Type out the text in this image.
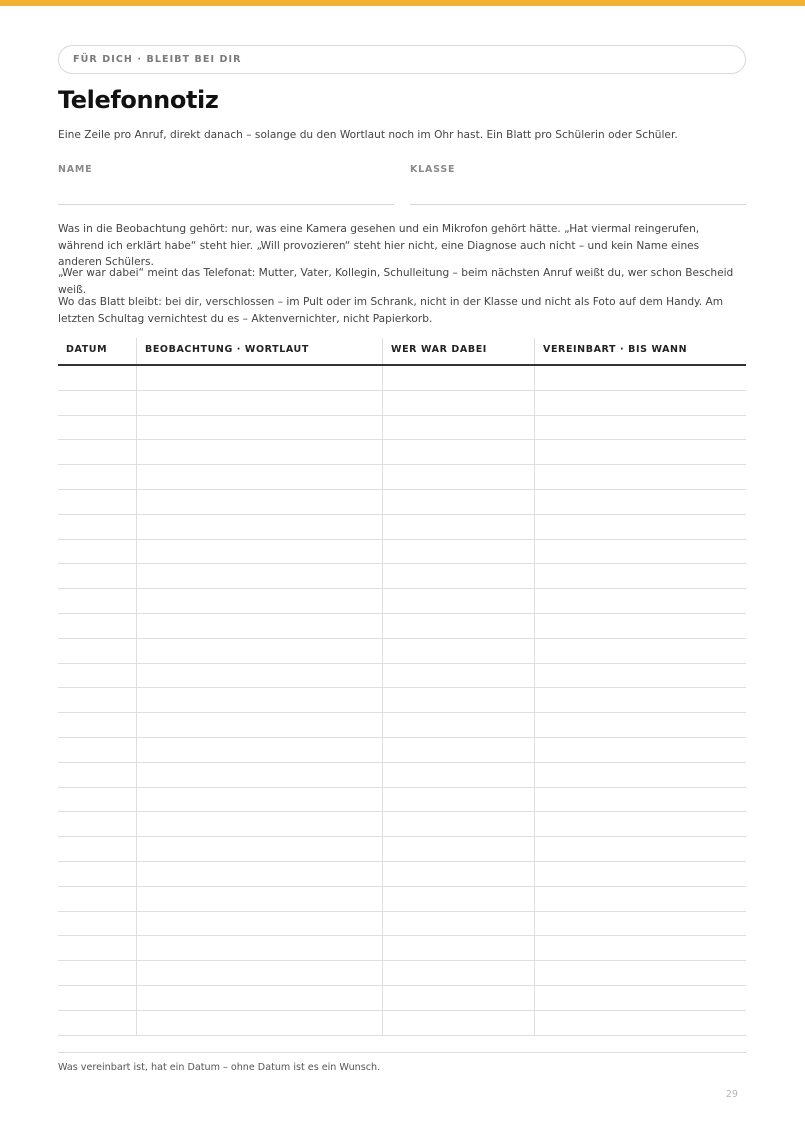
FÜR DICH · BLEIBT BEI DIR
Telefonnotiz
Eine Zeile pro Anruf, direkt danach – solange du den Wortlaut noch im Ohr hast. Ein Blatt pro Schülerin oder Schüler.
NAME	KLASSE

Was in die Beobachtung gehört: nur, was eine Kamera gesehen und ein Mikrofon gehört hätte. „Hat viermal reingerufen, während ich erklärt habe“ steht hier. „Will provozieren“ steht hier nicht, eine Diagnose auch nicht – und kein Name eines anderen Schülers.

„Wer war dabei“ meint das Telefonat: Mutter, Vater, Kollegin, Schulleitung – beim nächsten Anruf weißt du, wer schon Bescheid weiß.

Wo das Blatt bleibt: bei dir, verschlossen – im Pult oder im Schrank, nicht in der Klasse und nicht als Foto auf dem Handy. Am letzten Schultag vernichtest du es – Aktenvernichter, nicht Papierkorb.

DATUM	BEOBACHTUNG · WORTLAUT	WER WAR DABEI	VEREINBART · BIS WANN
Was vereinbart ist, hat ein Datum – ohne Datum ist es ein Wunsch.
29
